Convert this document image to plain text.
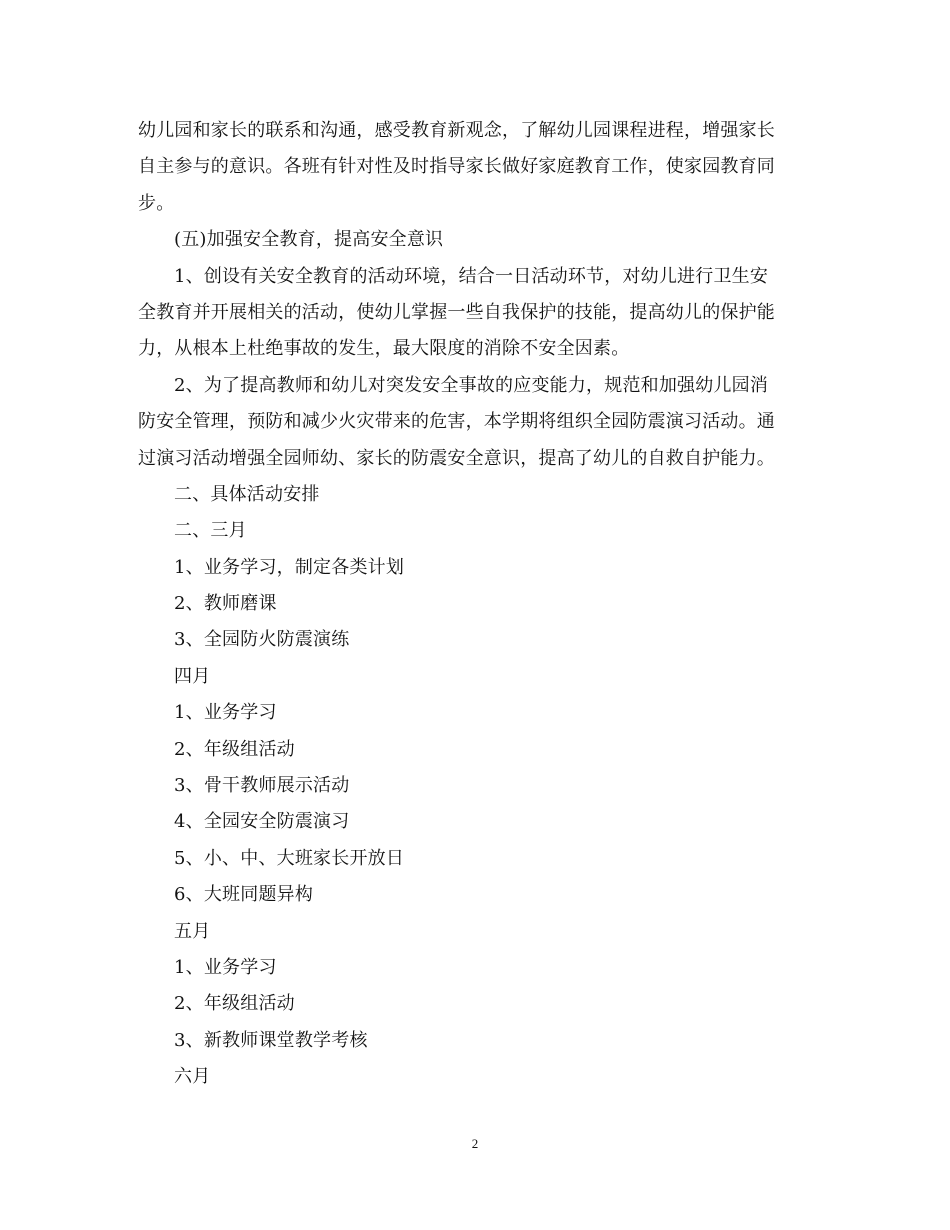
幼儿园和家长的联系和沟通，感受教育新观念，了解幼儿园课程进程，增强家长
自主参与的意识。各班有针对性及时指导家长做好家庭教育工作，使家园教育同
步。
(五)加强安全教育，提高安全意识
1、创设有关安全教育的活动环境，结合一日活动环节，对幼儿进行卫生安
全教育并开展相关的活动，使幼儿掌握一些自我保护的技能，提高幼儿的保护能
力，从根本上杜绝事故的发生，最大限度的消除不安全因素。
2、为了提高教师和幼儿对突发安全事故的应变能力，规范和加强幼儿园消
防安全管理，预防和减少火灾带来的危害，本学期将组织全园防震演习活动。通
过演习活动增强全园师幼、家长的防震安全意识，提高了幼儿的自救自护能力。
二、具体活动安排
二、三月
1、业务学习，制定各类计划
2、教师磨课
3、全园防火防震演练
四月
1、业务学习
2、年级组活动
3、骨干教师展示活动
4、全园安全防震演习
5、小、中、大班家长开放日
6、大班同题异构
五月
1、业务学习
2、年级组活动
3、新教师课堂教学考核
六月
2
